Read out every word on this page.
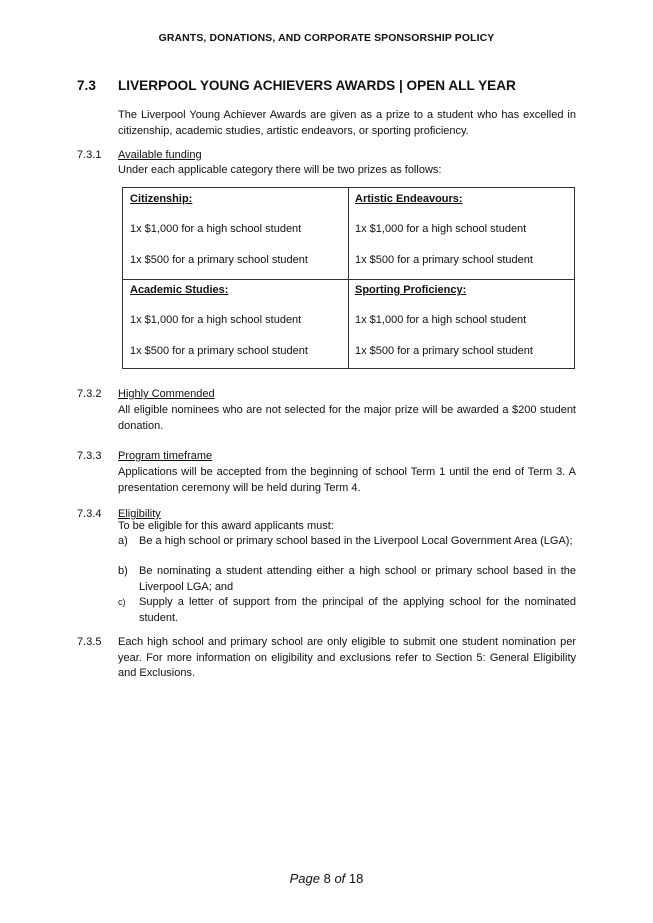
GRANTS, DONATIONS, AND CORPORATE SPONSORSHIP POLICY
7.3 LIVERPOOL YOUNG ACHIEVERS AWARDS | OPEN ALL YEAR
The Liverpool Young Achiever Awards are given as a prize to a student who has excelled in citizenship, academic studies, artistic endeavors, or sporting proficiency.
7.3.1 Available funding
Under each applicable category there will be two prizes as follows:
Citizenship:
1x $1,000 for a high school student
1x $500 for a primary school student
Artistic Endeavours:
1x $1,000 for a high school student
1x $500 for a primary school student
Academic Studies:
1x $1,000 for a high school student
1x $500 for a primary school student
Sporting Proficiency:
1x $1,000 for a high school student
1x $500 for a primary school student
7.3.2 Highly Commended
All eligible nominees who are not selected for the major prize will be awarded a $200 student donation.
7.3.3 Program timeframe
Applications will be accepted from the beginning of school Term 1 until the end of Term 3. A presentation ceremony will be held during Term 4.
7.3.4 Eligibility
To be eligible for this award applicants must:
a) Be a high school or primary school based in the Liverpool Local Government Area (LGA);
b) Be nominating a student attending either a high school or primary school based in the Liverpool LGA; and
c) Supply a letter of support from the principal of the applying school for the nominated student.
7.3.5 Each high school and primary school are only eligible to submit one student nomination per year. For more information on eligibility and exclusions refer to Section 5: General Eligibility and Exclusions.
Page 8 of 18
